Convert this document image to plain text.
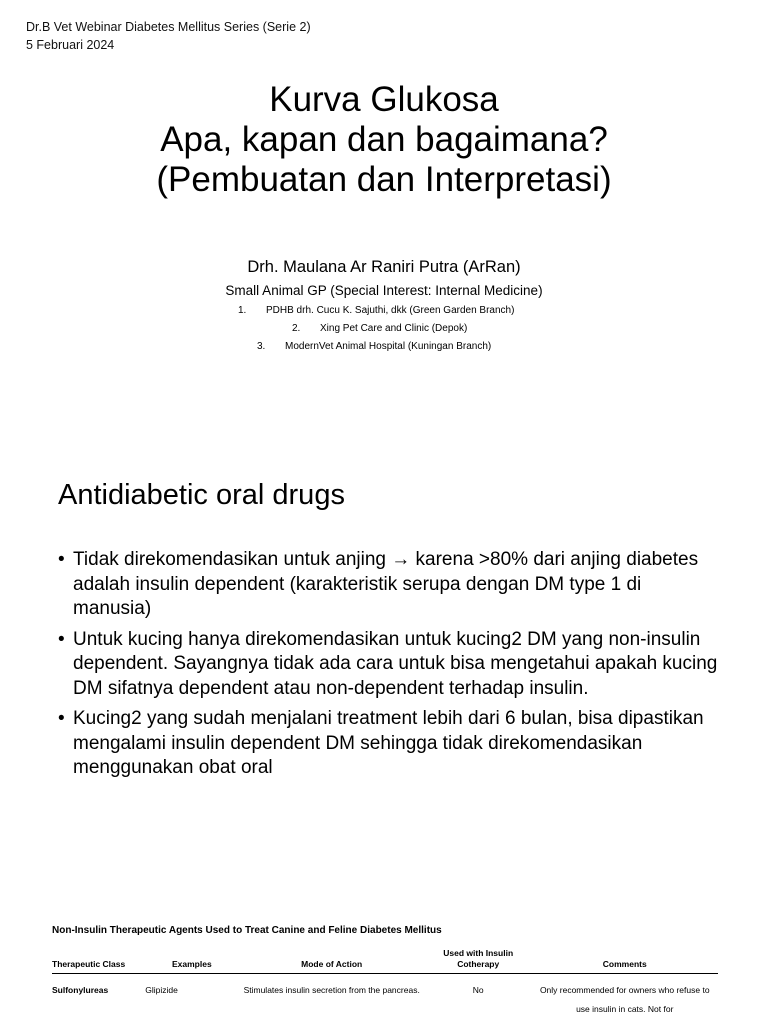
Dr.B Vet Webinar Diabetes Mellitus Series (Serie 2)
5 Februari 2024
Kurva Glukosa
Apa, kapan dan bagaimana?
(Pembuatan dan Interpretasi)
Drh. Maulana Ar Raniri Putra (ArRan)
Small Animal GP (Special Interest: Internal Medicine)
1. PDHB drh. Cucu K. Sajuthi, dkk (Green Garden Branch)
2. Xing Pet Care and Clinic (Depok)
3. ModernVet Animal Hospital (Kuningan Branch)
Antidiabetic oral drugs
• Tidak direkomendasikan untuk anjing → karena >80% dari anjing diabetes adalah insulin dependent (karakteristik serupa dengan DM type 1 di manusia)
• Untuk kucing hanya direkomendasikan untuk kucing2 DM yang non-insulin dependent. Sayangnya tidak ada cara untuk bisa mengetahui apakah kucing DM sifatnya dependent atau non-dependent terhadap insulin.
• Kucing2 yang sudah menjalani treatment lebih dari 6 bulan, bisa dipastikan mengalami insulin dependent DM sehingga tidak direkomendasikan menggunakan obat oral
Non-Insulin Therapeutic Agents Used to Treat Canine and Feline Diabetes Mellitus
Therapeutic Class	Examples	Mode of Action	Used with Insulin Cotherapy	Comments
Sulfonylureas	Glipizide	Stimulates insulin secretion from the pancreas.	No	Only recommended for owners who refuse to use insulin in cats. Not for
